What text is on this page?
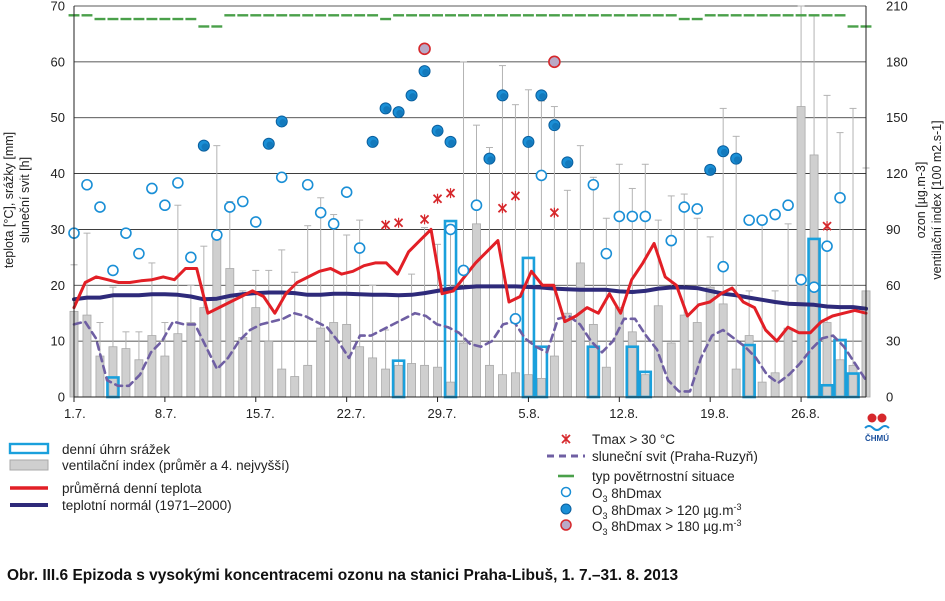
0	0
10	30
20	60
30	90
40	120
50	150
60	180
70	210
1.7.	8.7.	15.7.	22.7.	29.7.	5.8.	12.8.	19.8.	26.8.
teplota [°C], srážky [mm] sluneční svit [h]	ozon [µg.m-3] ventilační index [100 m2.s-1]
ČHMÚ
denní úhrn srážek
ventilační index (průměr a 4. nejvyšší)
průměrná denní teplota
teplotní normál (1971–2000)
Tmax > 30 °C
sluneční svit (Praha-Ruzyň)
typ povětrnostní situace
$O_3$ 8hDmax
$O_3$ 8hDmax > 120 $\mu g.m^{-3}$
$O_3$ 8hDmax > 180 $\mu g.m^{-3}$
Obr. III.6 Epizoda s vysokými koncentracemi ozonu na stanici Praha-Libuš, 1. 7.–31. 8. 2013
